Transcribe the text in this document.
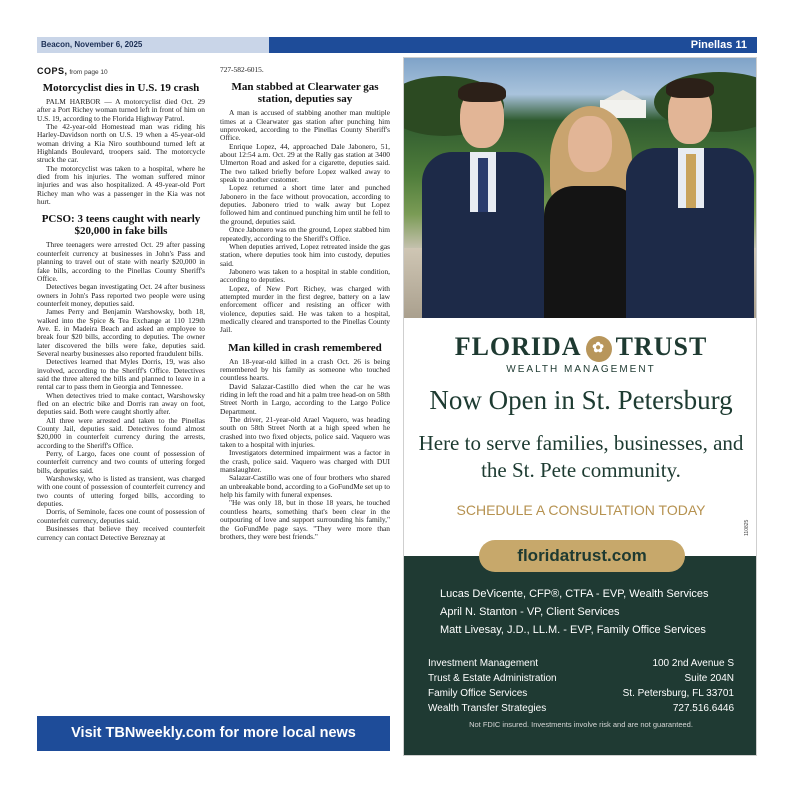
Beacon, November 6, 2025	Pinellas 11
COPS, from page 10
Motorcyclist dies in U.S. 19 crash

PALM HARBOR — A motorcyclist died Oct. 29 after a Port Richey woman turned left in front of him on U.S. 19, according to the Florida Highway Patrol.

The 42-year-old Homestead man was riding his Harley-Davidson north on U.S. 19 when a 45-year-old woman driving a Kia Niro southbound turned left at Highlands Boulevard, troopers said. The motorcycle struck the car.

The motorcyclist was taken to a hospital, where he died from his injuries. The woman suffered minor injuries and was also hospitalized. A 49-year-old Port Richey man who was a passenger in the Kia was not hurt.

PCSO: 3 teens caught with nearly $20,000 in fake bills

Three teenagers were arrested Oct. 29 after passing counterfeit currency at businesses in John's Pass and planning to travel out of state with nearly $20,000 in fake bills, according to the Pinellas County Sheriff's Office.

Detectives began investigating Oct. 24 after business owners in John's Pass reported two people were using counterfeit money, deputies said.

James Perry and Benjamin Warshowsky, both 18, walked into the Spice & Tea Exchange at 110 129th Ave. E. in Madeira Beach and asked an employee to break four $20 bills, according to deputies. The owner later discovered the bills were fake, deputies said. Several nearby businesses also reported fraudulent bills.

Detectives learned that Myles Dorris, 19, was also involved, according to the Sheriff's Office. Detectives said the three altered the bills and planned to leave in a rental car to pass them in Georgia and Tennessee.

When detectives tried to make contact, Warshowsky fled on an electric bike and Dorris ran away on foot, deputies said. Both were caught shortly after.

All three were arrested and taken to the Pinellas County Jail, deputies said. Detectives found almost $20,000 in counterfeit currency during the arrests, according to the Sheriff's Office.

Perry, of Largo, faces one count of possession of counterfeit currency and two counts of uttering forged bills, deputies said.

Warshowsky, who is listed as transient, was charged with one count of possession of counterfeit currency and two counts of uttering forged bills, according to deputies.

Dorris, of Seminole, faces one count of possession of counterfeit currency, deputies said.

Businesses that believe they received counterfeit currency can contact Detective Bereznay at

727-582-6015.

Man stabbed at Clearwater gas station, deputies say

A man is accused of stabbing another man multiple times at a Clearwater gas station after punching him unprovoked, according to the Pinellas County Sheriff's Office.

Enrique Lopez, 44, approached Dale Jabonero, 51, about 12:54 a.m. Oct. 29 at the Rally gas station at 3400 Ulmerton Road and asked for a cigarette, deputies said. The two talked briefly before Lopez walked away to speak to another customer.

Lopez returned a short time later and punched Jabonero in the face without provocation, according to deputies. Jabonero tried to walk away but Lopez followed him and continued punching him until he fell to the ground, deputies said.

Once Jabonero was on the ground, Lopez stabbed him repeatedly, according to the Sheriff's Office.

When deputies arrived, Lopez retreated inside the gas station, where deputies took him into custody, deputies said.

Jabonero was taken to a hospital in stable condition, according to deputies.

Lopez, of New Port Richey, was charged with attempted murder in the first degree, battery on a law enforcement officer and resisting an officer with violence, deputies said. He was taken to a hospital, medically cleared and transported to the Pinellas County Jail.

Man killed in crash remembered

An 18-year-old killed in a crash Oct. 26 is being remembered by his family as someone who touched countless hearts.

David Salazar-Castillo died when the car he was riding in left the road and hit a palm tree head-on on 58th Street North in Largo, according to the Largo Police Department.

The driver, 21-year-old Arael Vaquero, was heading south on 58th Street North at a high speed when he crashed into two fixed objects, police said. Vaquero was taken to a hospital with injuries.

Investigators determined impairment was a factor in the crash, police said. Vaquero was charged with DUI manslaughter.

Salazar-Castillo was one of four brothers who shared an unbreakable bond, according to a GoFundMe set up to help his family with funeral expenses.

"He was only 18, but in those 18 years, he touched countless hearts, something that's been clear in the outpouring of love and support surrounding his family," the GoFundMe page says. "They were more than brothers, they were best friends."

Visit TBNweekly.com for more local news
FLORIDA ✿ TRUST
WEALTH MANAGEMENT
Now Open in St. Petersburg
Here to serve families, businesses, and the St. Pete community.
SCHEDULE A CONSULTATION TODAY
110825
floridatrust.com
Lucas DeVicente, CFP®, CTFA - EVP, Wealth Services
April N. Stanton - VP, Client Services
Matt Livesay, J.D., LL.M. - EVP, Family Office Services
Investment Management
Trust & Estate Administration
Family Office Services
Wealth Transfer Strategies
100 2nd Avenue S
Suite 204N
St. Petersburg, FL 33701
727.516.6446
Not FDIC insured. Investments involve risk and are not guaranteed.
